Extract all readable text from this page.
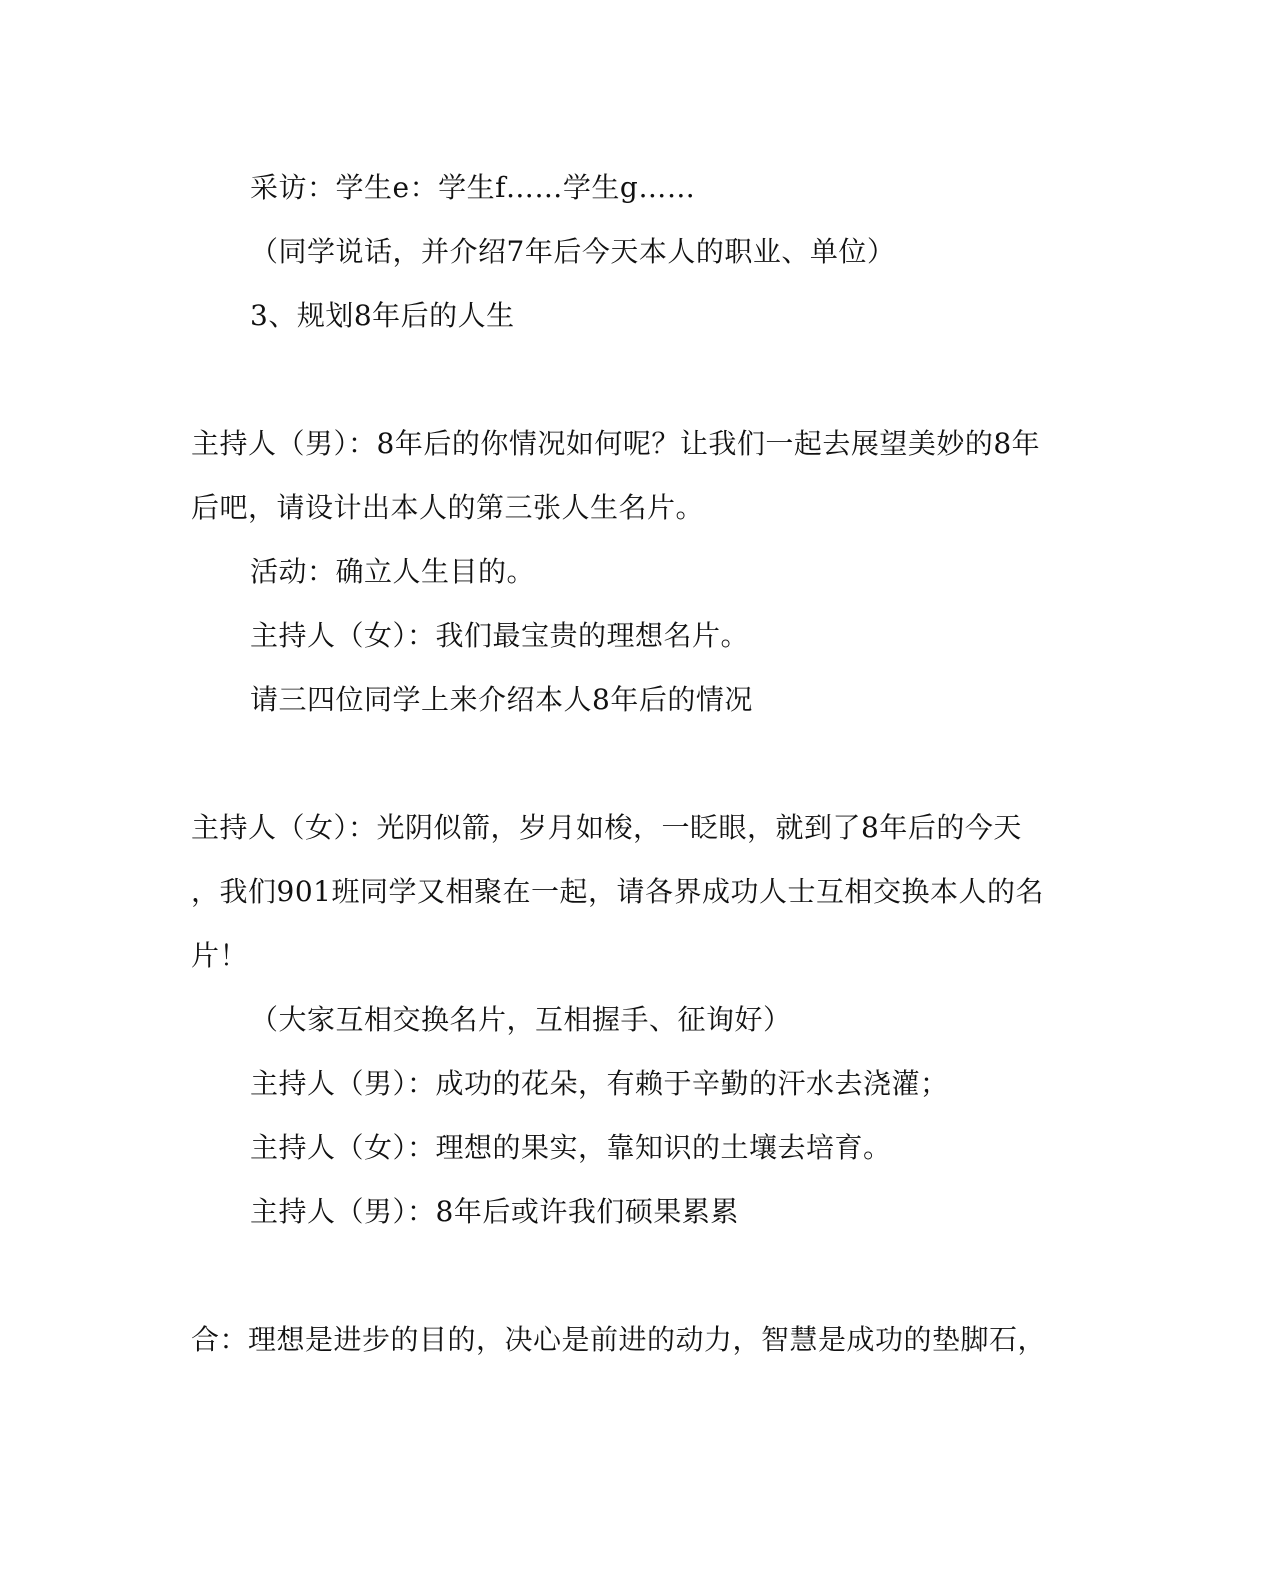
采访：学生e：学生f……学生g……
（同学说话，并介绍7年后今天本人的职业、单位）
3、规划8年后的人生
主持人（男）：8年后的你情况如何呢？让我们一起去展望美妙的8年
后吧，请设计出本人的第三张人生名片。
活动：确立人生目的。
主持人（女）：我们最宝贵的理想名片。
请三四位同学上来介绍本人8年后的情况
主持人（女）：光阴似箭，岁月如梭，一眨眼，就到了8年后的今天
，我们901班同学又相聚在一起，请各界成功人士互相交换本人的名
片！
（大家互相交换名片，互相握手、征询好）
主持人（男）：成功的花朵，有赖于辛勤的汗水去浇灌；
主持人（女）：理想的果实，靠知识的土壤去培育。
主持人（男）：8年后或许我们硕果累累
合：理想是进步的目的，决心是前进的动力，智慧是成功的垫脚石，
